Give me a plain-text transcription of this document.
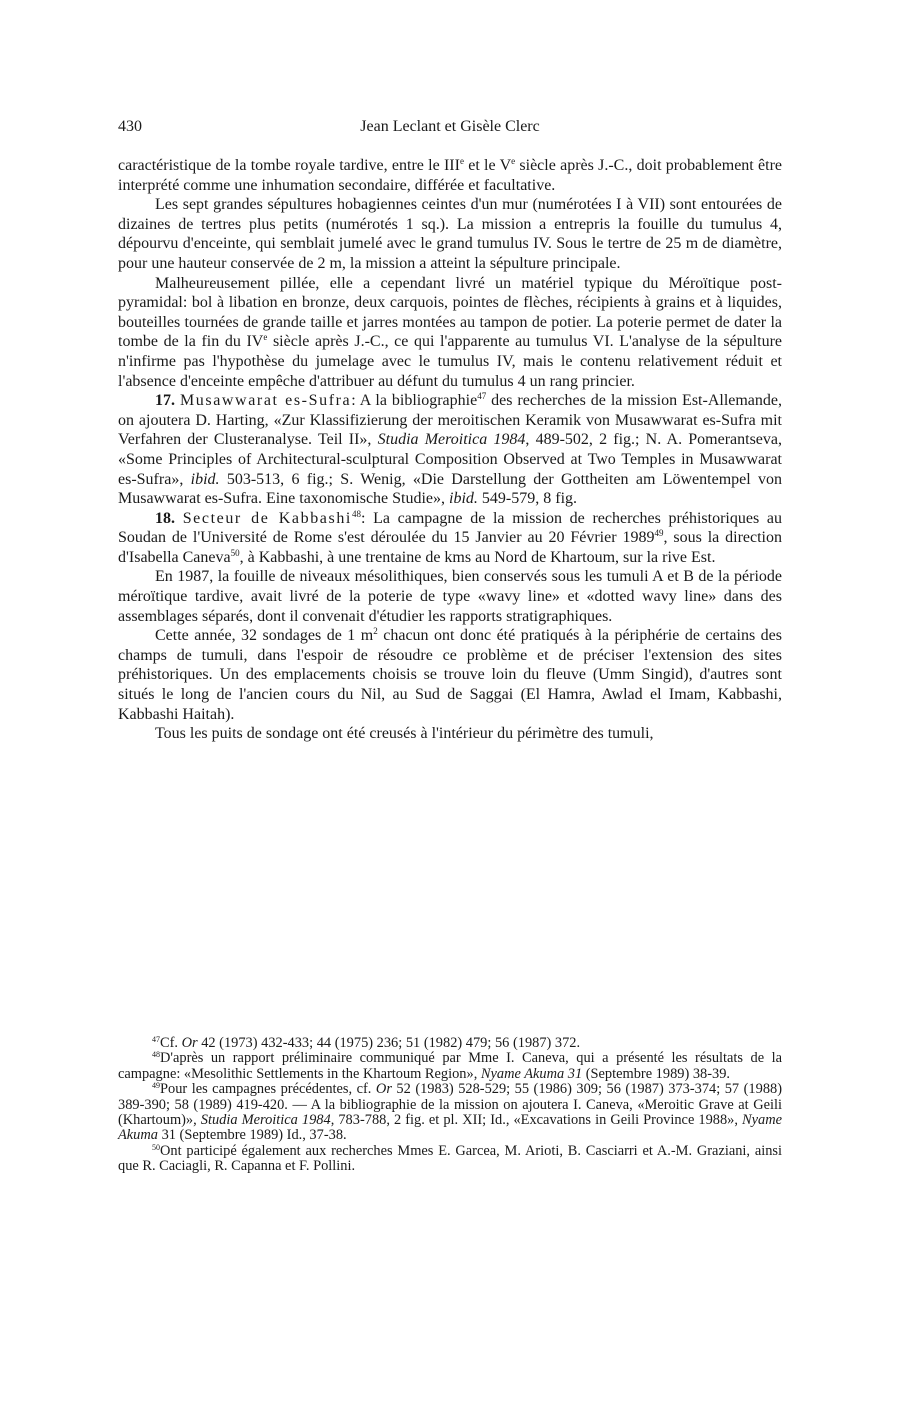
430	Jean Leclant et Gisèle Clerc

caractéristique de la tombe royale tardive, entre le IIIe et le Ve siècle après J.-C., doit probablement être interprété comme une inhumation secondaire, différée et facultative.

Les sept grandes sépultures hobagiennes ceintes d'un mur (numérotées I à VII) sont entourées de dizaines de tertres plus petits (numérotés 1 sq.). La mission a entrepris la fouille du tumulus 4, dépourvu d'enceinte, qui semblait jumelé avec le grand tumulus IV. Sous le tertre de 25 m de diamètre, pour une hauteur conservée de 2 m, la mission a atteint la sépulture principale.

Malheureusement pillée, elle a cependant livré un matériel typique du Méroïtique post-pyramidal: bol à libation en bronze, deux carquois, pointes de flèches, récipients à grains et à liquides, bouteilles tournées de grande taille et jarres montées au tampon de potier. La poterie permet de dater la tombe de la fin du IVe siècle après J.-C., ce qui l'apparente au tumulus VI. L'analyse de la sépulture n'infirme pas l'hypothèse du jumelage avec le tumulus IV, mais le contenu relativement réduit et l'absence d'enceinte empêche d'attribuer au défunt du tumulus 4 un rang princier.

17. Musawwarat es-Sufra: A la bibliographie$^{47}$ des recherches de la mission Est-Allemande, on ajoutera D. Harting, «Zur Klassifizierung der meroitischen Keramik von Musawwarat es-Sufra mit Verfahren der Clusteranalyse. Teil II», Studia Meroitica 1984, 489-502, 2 fig.; N. A. Pomerantseva, «Some Principles of Architectural-sculptural Composition Observed at Two Temples in Musawwarat es-Sufra», ibid. 503-513, 6 fig.; S. Wenig, «Die Darstellung der Gottheiten am Löwentempel von Musawwarat es-Sufra. Eine taxonomische Studie», ibid. 549-579, 8 fig.

18. Secteur de Kabbashi$^{48}$: La campagne de la mission de recherches préhistoriques au Soudan de l'Université de Rome s'est déroulée du 15 Janvier au 20 Février 1989$^{49}$, sous la direction d'Isabella Caneva$^{50}$, à Kabbashi, à une trentaine de kms au Nord de Khartoum, sur la rive Est.

En 1987, la fouille de niveaux mésolithiques, bien conservés sous les tumuli A et B de la période méroïtique tardive, avait livré de la poterie de type «wavy line» et «dotted wavy line» dans des assemblages séparés, dont il convenait d'étudier les rapports stratigraphiques.

Cette année, 32 sondages de 1 $m^2$ chacun ont donc été pratiqués à la périphérie de certains des champs de tumuli, dans l'espoir de résoudre ce problème et de préciser l'extension des sites préhistoriques. Un des emplacements choisis se trouve loin du fleuve (Umm Singid), d'autres sont situés le long de l'ancien cours du Nil, au Sud de Saggai (El Hamra, Awlad el Imam, Kabbashi, Kabbashi Haitah).

Tous les puits de sondage ont été creusés à l'intérieur du périmètre des tumuli,

$^{47}$Cf. Or 42 (1973) 432-433; 44 (1975) 236; 51 (1982) 479; 56 (1987) 372.

$^{48}$D'après un rapport préliminaire communiqué par Mme I. Caneva, qui a présenté les résultats de la campagne: «Mesolithic Settlements in the Khartoum Region», Nyame Akuma 31 (Septembre 1989) 38-39.

$^{49}$Pour les campagnes précédentes, cf. Or 52 (1983) 528-529; 55 (1986) 309; 56 (1987) 373-374; 57 (1988) 389-390; 58 (1989) 419-420. — A la bibliographie de la mission on ajoutera I. Caneva, «Meroitic Grave at Geili (Khartoum)», Studia Meroitica 1984, 783-788, 2 fig. et pl. XII; Id., «Excavations in Geili Province 1988», Nyame Akuma 31 (Septembre 1989) Id., 37-38.

$^{50}$Ont participé également aux recherches Mmes E. Garcea, M. Arioti, B. Casciarri et A.-M. Graziani, ainsi que R. Caciagli, R. Capanna et F. Pollini.
